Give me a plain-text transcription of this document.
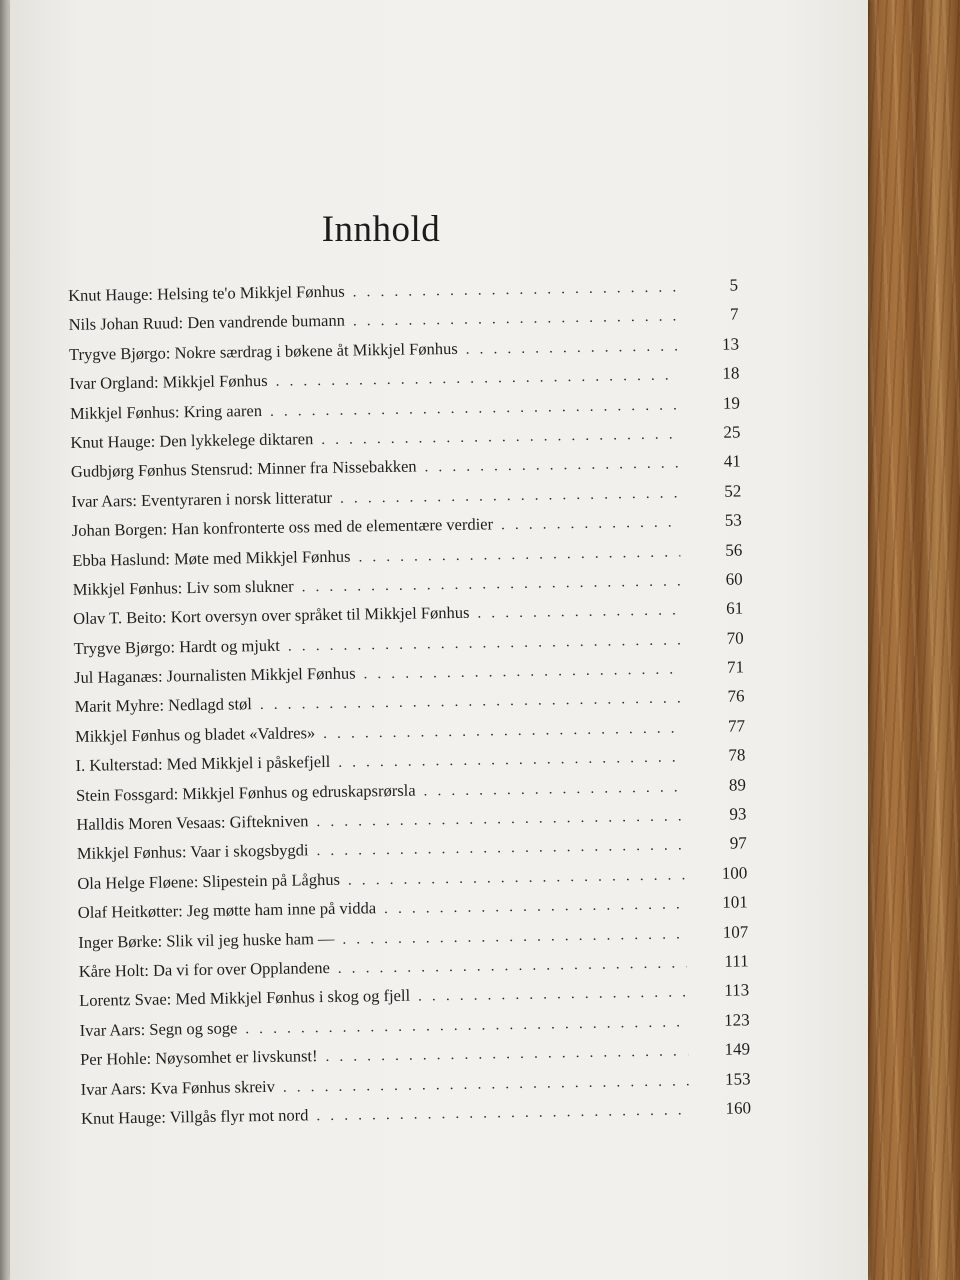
Innhold
Knut Hauge: Helsing te'o Mikkjel Fønhus . . .	5
Nils Johan Ruud: Den vandrende bumann . . .	7
Trygve Bjørgo: Nokre særdrag i bøkene åt Mikkjel Fønhus . . .	13
Ivar Orgland: Mikkjel Fønhus . . .	18
Mikkjel Fønhus: Kring aaren . . .	19
Knut Hauge: Den lykkelege diktaren . . .	25
Gudbjørg Fønhus Stensrud: Minner fra Nissebakken . . .	41
Ivar Aars: Eventyraren i norsk litteratur . . .	52
Johan Borgen: Han konfronterte oss med de elementære verdier . . .	53
Ebba Haslund: Møte med Mikkjel Fønhus . . .	56
Mikkjel Fønhus: Liv som slukner . . .	60
Olav T. Beito: Kort oversyn over språket til Mikkjel Fønhus . . .	61
Trygve Bjørgo: Hardt og mjukt . . .	70
Jul Haganæs: Journalisten Mikkjel Fønhus . . .	71
Marit Myhre: Nedlagd støl . . .	76
Mikkjel Fønhus og bladet «Valdres» . . .	77
I. Kulterstad: Med Mikkjel i påskefjell . . .	78
Stein Fossgard: Mikkjel Fønhus og edruskapsrørsla . . .	89
Halldis Moren Vesaas: Giftekniven . . .	93
Mikkjel Fønhus: Vaar i skogsbygdi . . .	97
Ola Helge Fløene: Slipestein på Låghus . . .	100
Olaf Heitkøtter: Jeg møtte ham inne på vidda . . .	101
Inger Børke: Slik vil jeg huske ham — . . .	107
Kåre Holt: Da vi for over Opplandene . . .	111
Lorentz Svae: Med Mikkjel Fønhus i skog og fjell . . .	113
Ivar Aars: Segn og soge . . .	123
Per Hohle: Nøysomhet er livskunst! . . .	149
Ivar Aars: Kva Fønhus skreiv . . .	153
Knut Hauge: Villgås flyr mot nord . . .	160
